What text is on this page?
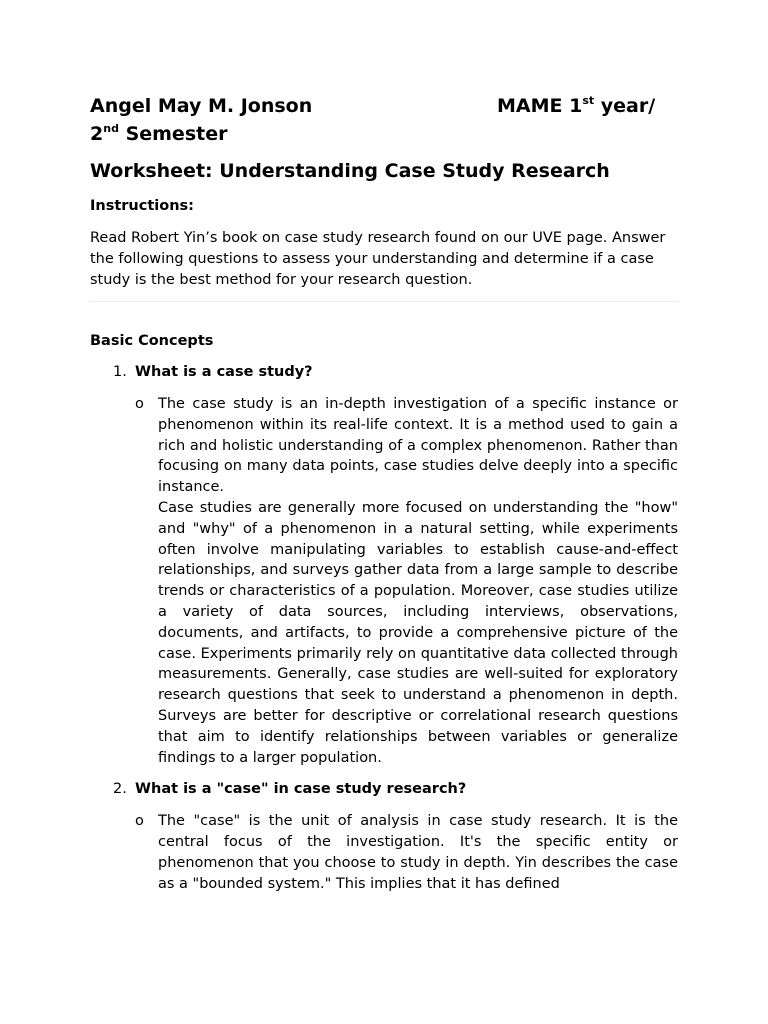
Angel May M. Jonson	MAME 1st year/
2nd Semester
Worksheet: Understanding Case Study Research
Instructions:
Read Robert Yin’s book on case study research found on our UVE page. Answer the following questions to assess your understanding and determine if a case study is the best method for your research question.
Basic Concepts
1. What is a case study?
o The case study is an in-depth investigation of a specific instance or phenomenon within its real-life context. It is a method used to gain a rich and holistic understanding of a complex phenomenon. Rather than focusing on many data points, case studies delve deeply into a specific instance.

Case studies are generally more focused on understanding the "how" and "why" of a phenomenon in a natural setting, while experiments often involve manipulating variables to establish cause-and-effect relationships, and surveys gather data from a large sample to describe trends or characteristics of a population. Moreover, case studies utilize a variety of data sources, including interviews, observations, documents, and artifacts, to provide a comprehensive picture of the case. Experiments primarily rely on quantitative data collected through measurements. Generally, case studies are well-suited for exploratory research questions that seek to understand a phenomenon in depth. Surveys are better for descriptive or correlational research questions that aim to identify relationships between variables or generalize findings to a larger population.

2. What is a "case" in case study research?
o The "case" is the unit of analysis in case study research. It is the central focus of the investigation. It's the specific entity or phenomenon that you choose to study in depth. Yin describes the case as a "bounded system." This implies that it has defined
